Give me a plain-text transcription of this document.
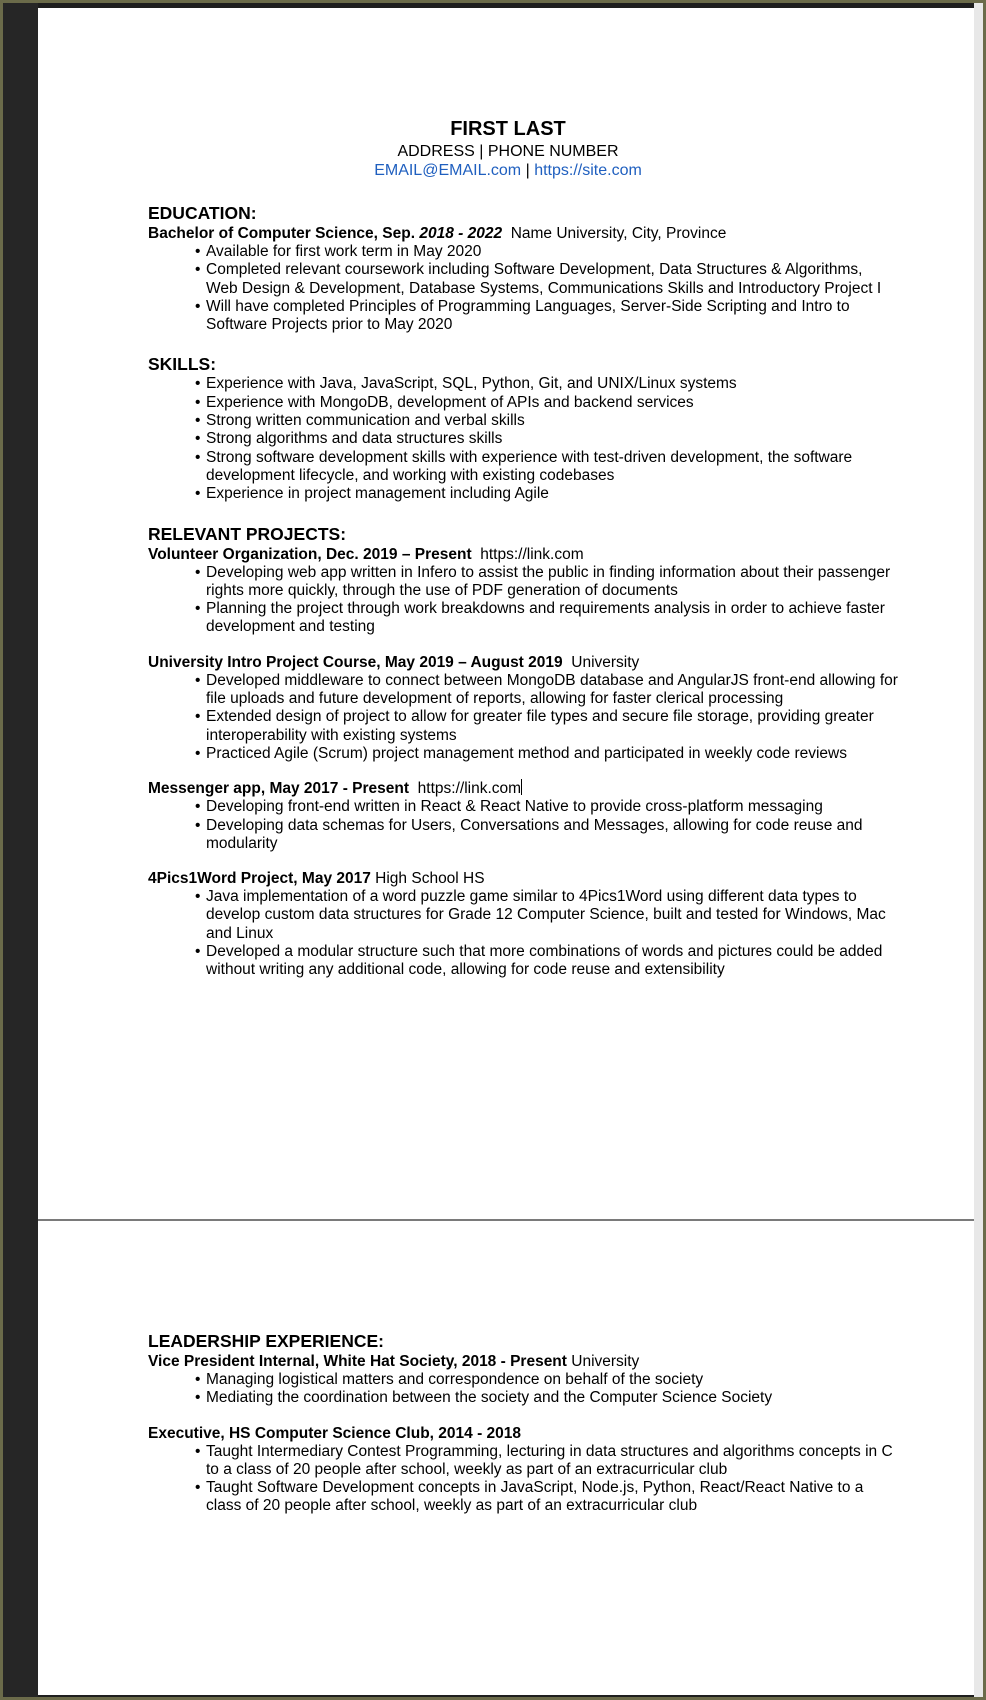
FIRST LAST
ADDRESS | PHONE NUMBER
EMAIL@EMAIL.com | https://site.com
EDUCATION:
Bachelor of Computer Science, Sep. 2018 - 2022 Name University, City, Province
• Available for first work term in May 2020
• Completed relevant coursework including Software Development, Data Structures & Algorithms, Web Design & Development, Database Systems, Communications Skills and Introductory Project I
• Will have completed Principles of Programming Languages, Server-Side Scripting and Intro to Software Projects prior to May 2020
SKILLS:
• Experience with Java, JavaScript, SQL, Python, Git, and UNIX/Linux systems
• Experience with MongoDB, development of APIs and backend services
• Strong written communication and verbal skills
• Strong algorithms and data structures skills
• Strong software development skills with experience with test-driven development, the software development lifecycle, and working with existing codebases
• Experience in project management including Agile
RELEVANT PROJECTS:
Volunteer Organization, Dec. 2019 – Present https://link.com
• Developing web app written in Infero to assist the public in finding information about their passenger rights more quickly, through the use of PDF generation of documents
• Planning the project through work breakdowns and requirements analysis in order to achieve faster development and testing
University Intro Project Course, May 2019 – August 2019 University
• Developed middleware to connect between MongoDB database and AngularJS front-end allowing for file uploads and future development of reports, allowing for faster clerical processing
• Extended design of project to allow for greater file types and secure file storage, providing greater interoperability with existing systems
• Practiced Agile (Scrum) project management method and participated in weekly code reviews
Messenger app, May 2017 - Present https://link.com
• Developing front-end written in React & React Native to provide cross-platform messaging
• Developing data schemas for Users, Conversations and Messages, allowing for code reuse and modularity
4Pics1Word Project, May 2017 High School HS
• Java implementation of a word puzzle game similar to 4Pics1Word using different data types to develop custom data structures for Grade 12 Computer Science, built and tested for Windows, Mac and Linux
• Developed a modular structure such that more combinations of words and pictures could be added without writing any additional code, allowing for code reuse and extensibility
LEADERSHIP EXPERIENCE:
Vice President Internal, White Hat Society, 2018 - Present University
• Managing logistical matters and correspondence on behalf of the society
• Mediating the coordination between the society and the Computer Science Society
Executive, HS Computer Science Club, 2014 - 2018
• Taught Intermediary Contest Programming, lecturing in data structures and algorithms concepts in C to a class of 20 people after school, weekly as part of an extracurricular club
• Taught Software Development concepts in JavaScript, Node.js, Python, React/React Native to a class of 20 people after school, weekly as part of an extracurricular club
